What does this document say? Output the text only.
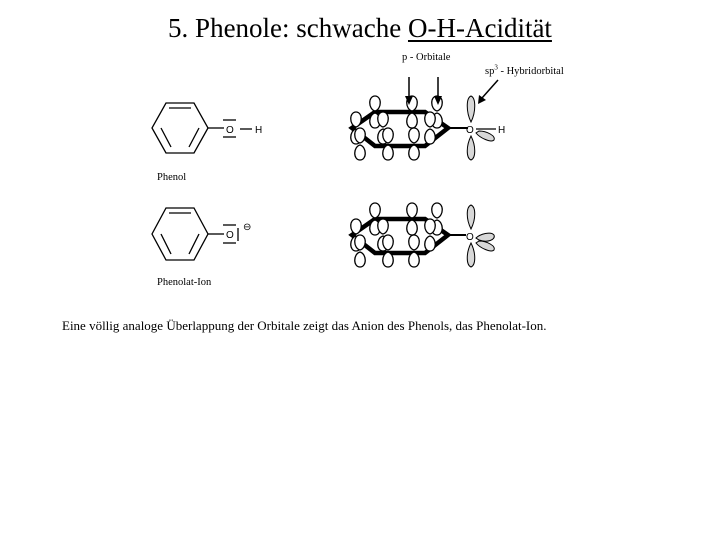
5. Phenole: schwache O-H-Acidität
O H
O
⊖
O H
O
p - Orbitale
$sp^3$ - Hybridorbital
Phenol
Phenolat-Ion
Eine völlig analoge Überlappung der Orbitale zeigt das Anion des Phenols, das Phenolat-Ion.
